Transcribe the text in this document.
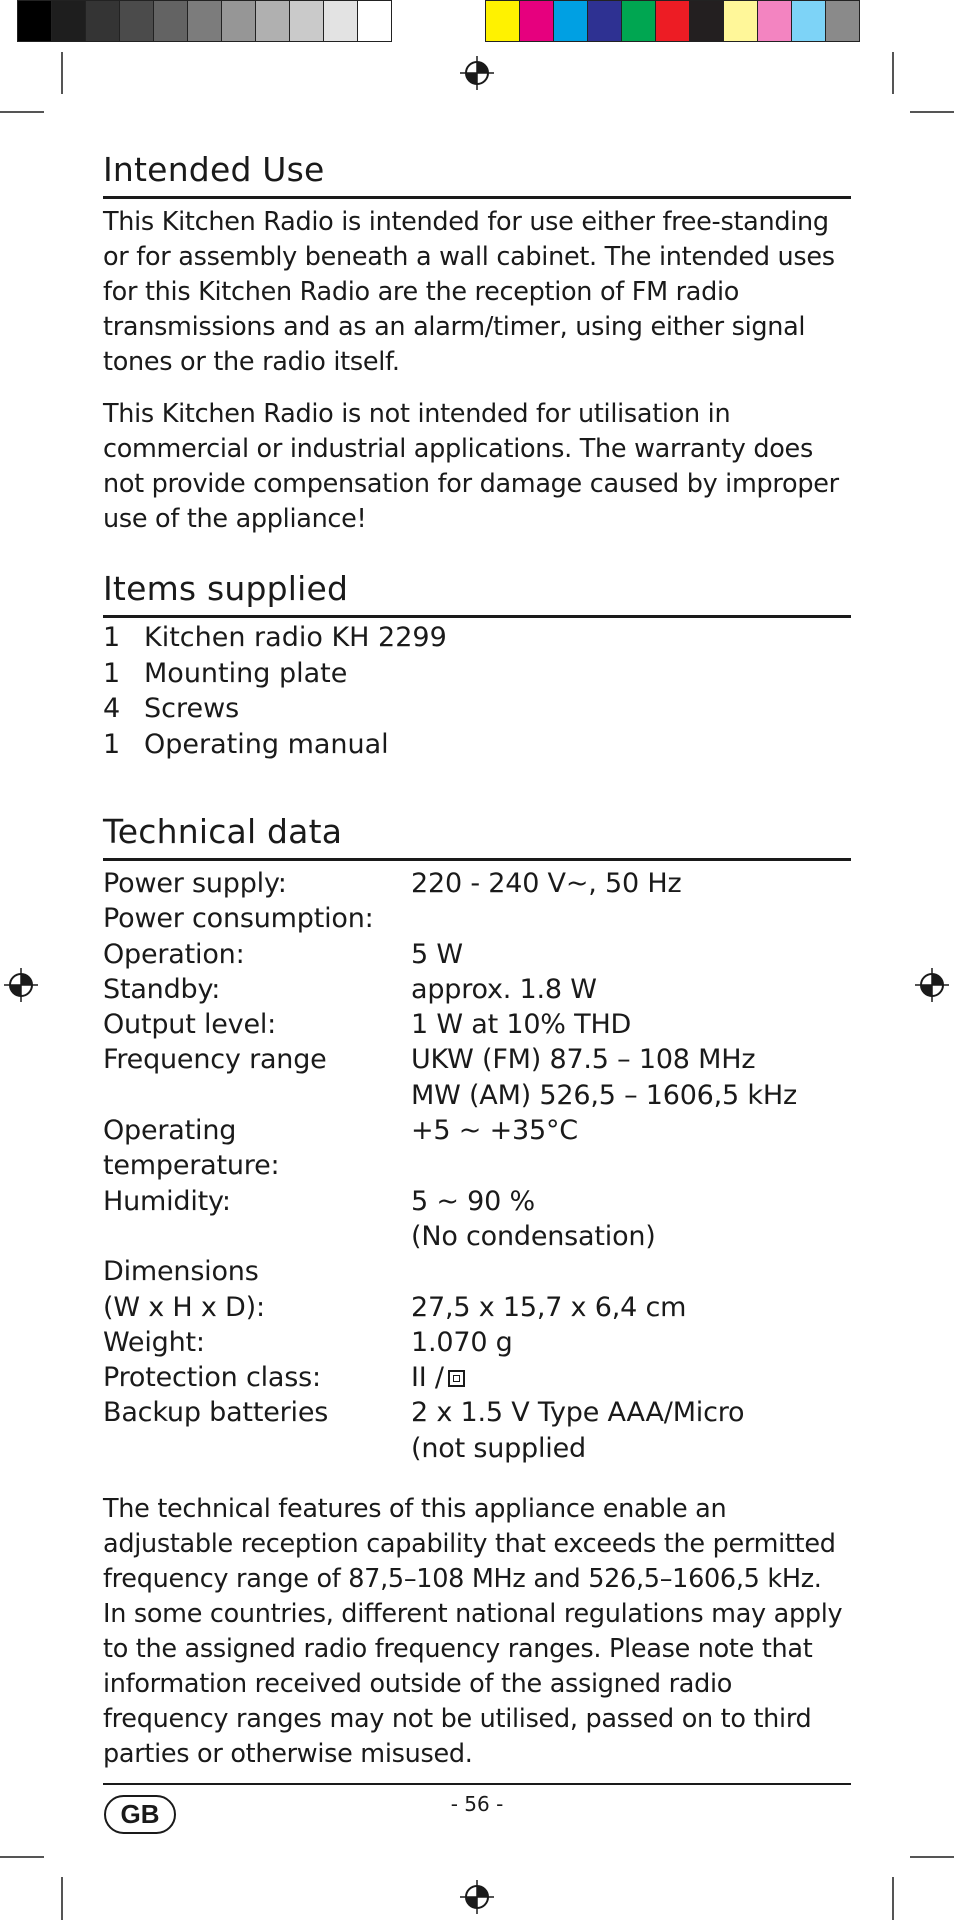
Intended Use

This Kitchen Radio is intended for use either free-standing or for assembly beneath a wall cabinet. The intended uses for this Kitchen Radio are the reception of FM radio transmissions and as an alarm/timer, using either signal tones or the radio itself.

This Kitchen Radio is not intended for utilisation in commercial or industrial applications. The warranty does not provide compensation for damage caused by improper use of the appliance!

Items supplied
1 Kitchen radio KH 2299
1 Mounting plate
4 Screws
1 Operating manual
Technical data
Power supply:	220 - 240 V~, 50 Hz
Power consumption:	
Operation:	5 W
Standby:	approx. 1.8 W
Output level:	1 W at 10% THD
Frequency range	UKW (FM) 87.5 – 108 MHz
	MW (AM) 526,5 – 1606,5 kHz
Operating temperature:	+5 ~ +35°C
Humidity:	5 ~ 90 %
	(No condensation)
Dimensions	
(W x H x D):	27,5 x 15,7 x 6,4 cm
Weight:	1.070 g
Protection class:	II /
Backup batteries	2 x 1.5 V Type AAA/Micro
	(not supplied

The technical features of this appliance enable an adjustable reception capability that exceeds the permitted frequency range of 87,5–108 MHz and 526,5–1606,5 kHz. In some countries, different national regulations may apply to the assigned radio frequency ranges. Please note that information received outside of the assigned radio frequency ranges may not be utilised, passed on to third parties or otherwise misused.

GB	- 56 -
